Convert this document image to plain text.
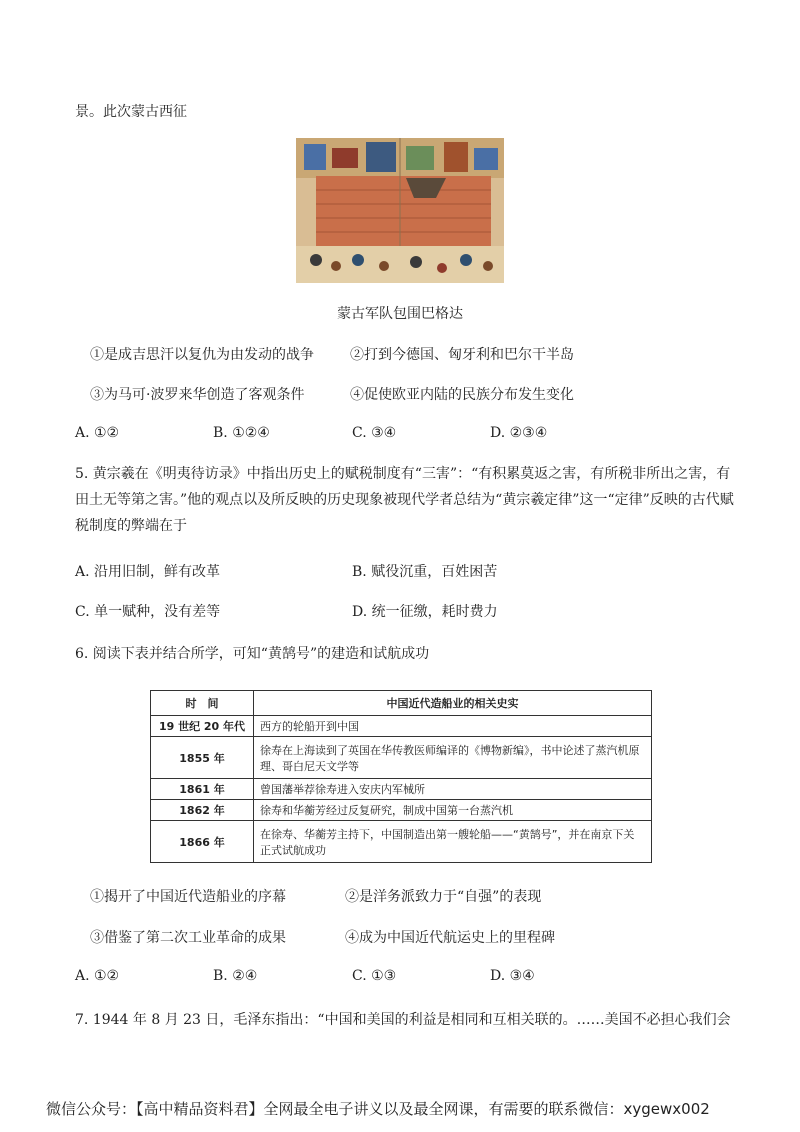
景。此次蒙古西征
蒙古军队包围巴格达
①是成吉思汗以复仇为由发动的战争	②打到今德国、匈牙利和巴尔干半岛
③为马可·波罗来华创造了客观条件	④促使欧亚内陆的民族分布发生变化
A. ①②	B. ①②④	C. ③④	D. ②③④
5. 黄宗羲在《明夷待访录》中指出历史上的赋税制度有“三害”：“有积累莫返之害，有所税非所出之害，有田土无等第之害。”他的观点以及所反映的历史现象被现代学者总结为“黄宗羲定律”这一“定律”反映的古代赋税制度的弊端在于
A. 沿用旧制，鲜有改革	B. 赋役沉重，百姓困苦
C. 单一赋种，没有差等	D. 统一征缴，耗时费力
6. 阅读下表并结合所学，可知“黄鹄号”的建造和试航成功
时　间	中国近代造船业的相关史实
19 世纪 20 年代	西方的轮船开到中国
1855 年	徐寿在上海读到了英国在华传教医师编译的《博物新编》，书中论述了蒸汽机原理、哥白尼天文学等
1861 年	曾国藩举荐徐寿进入安庆内军械所
1862 年	徐寿和华蘅芳经过反复研究，制成中国第一台蒸汽机
1866 年	在徐寿、华蘅芳主持下，中国制造出第一艘轮船——“黄鹄号”，并在南京下关正式试航成功
①揭开了中国近代造船业的序幕	②是洋务派致力于“自强”的表现
③借鉴了第二次工业革命的成果	④成为中国近代航运史上的里程碑
A. ①②	B. ②④	C. ①③	D. ③④
7. 1944 年 8 月 23 日，毛泽东指出：“中国和美国的利益是相同和互相关联的。……美国不必担心我们会
微信公众号：【高中精品资料君】全网最全电子讲义以及最全网课，有需要的联系微信：xygewx002
